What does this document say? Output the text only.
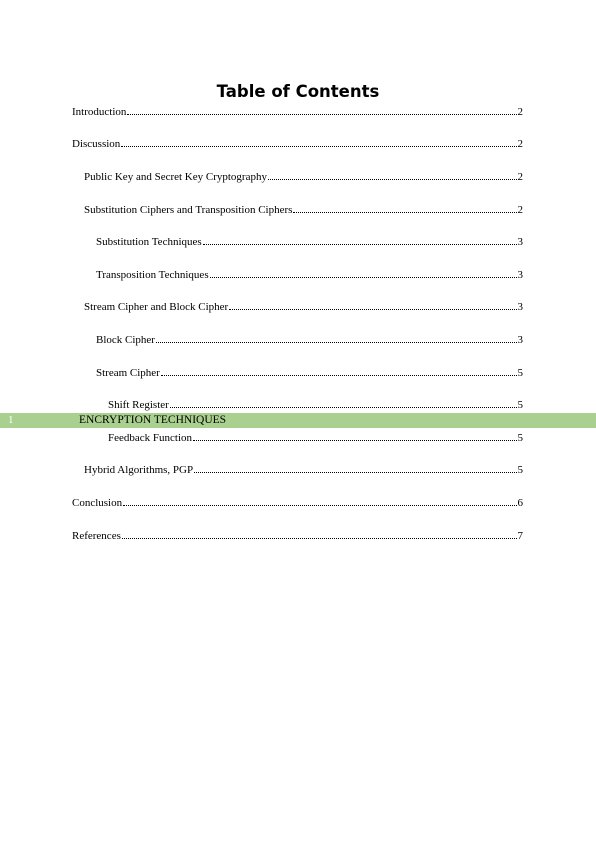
Table of Contents
Introduction	2
Discussion	2
Public Key and Secret Key Cryptography	2
Substitution Ciphers and Transposition Ciphers	2
Substitution Techniques	3
Transposition Techniques	3
Stream Cipher and Block Cipher	3
Block Cipher	3
Stream Cipher	5
Shift Register	5
1	ENCRYPTION TECHNIQUES
Feedback Function	5
Hybrid Algorithms, PGP	5
Conclusion	6
References	7
